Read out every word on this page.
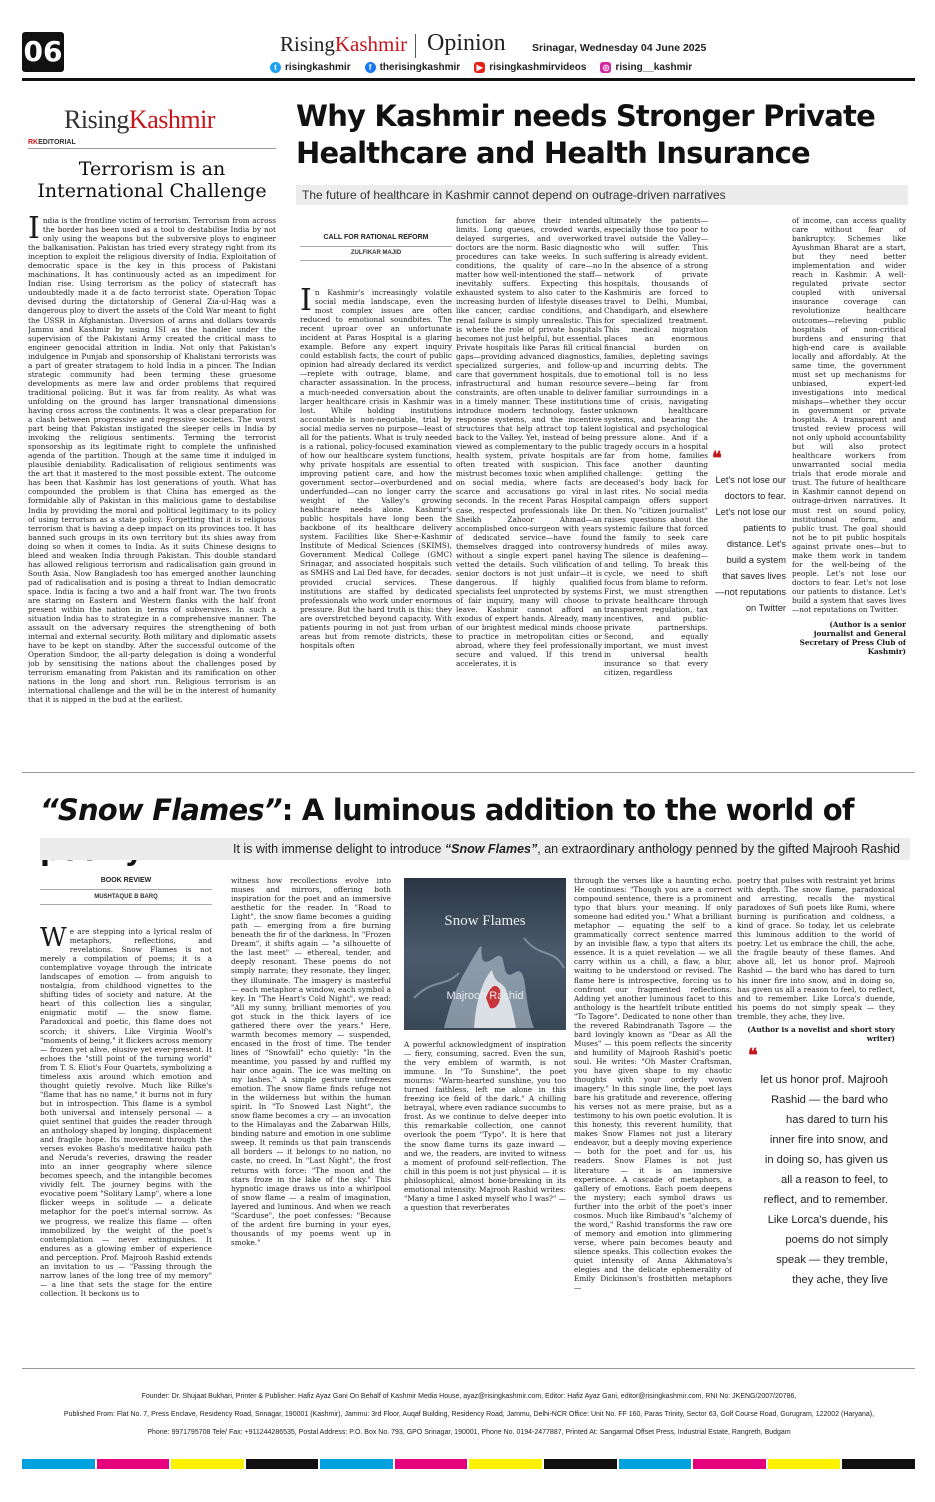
06	RisingKashmir Opinion	Srinagar, Wednesday 04 June 2025
t risingkashmir	f therisingkashmir	▶ risingkashmirvideos ◎ rising__kashmir
RisingKashmir
RKEDITORIAL
Terrorism is an International Challenge

India is the frontline victim of terrorism. Terrorism from across the border has been used as a tool to destabilise India by not only using the weapons but the subversive ploys to engineer the balkanisation. Pakistan has tried every strategy right from its inception to exploit the religious diversity of India. Exploitation of democratic space is the key in this process of Pakistani machinations. It has continuously acted as an impediment for Indian rise. Using terrorism as the policy of statecraft has undoubtedly made it a de facto terrorist state. Operation Topac devised during the dictatorship of General Zia-ul-Haq was a dangerous ploy to divert the assets of the Cold War meant to fight the USSR in Afghanistan. Diversion of arms and dollars towards Jammu and Kashmir by using ISI as the handler under the supervision of the Pakistani Army created the critical mass to engineer genocidal attrition in India. Not only that Pakistan's indulgence in Punjab and sponsorship of Khalistani terrorists was a part of greater stratagem to hold India in a pincer. The Indian strategic community had been terming these gruesome developments as mere law and order problems that required traditional policing. But it was far from reality. As what was unfolding on the ground has larger transnational dimensions having cross across the continents. It was a clear preparation for a clash between progressive and regressive societies. The worst part being that Pakistan instigated the sleeper cells in India by invoking the religious sentiments. Terming the terrorist sponsorship as its legitimate right to complete the unfinished agenda of the partition. Though at the same time it indulged in plausible deniability. Radicalisation of religious sentiments was the art that it mastered to the most possible extent. The outcome has been that Kashmir has lost generations of youth. What has compounded the problem is that China has emerged as the formidable ally of Pakistan in this malicious game to destabilise India by providing the moral and political legitimacy to its policy of using terrorism as a state policy. Forgetting that it is religious terrorism that is having a deep impact on its provinces too. It has banned such groups in its own territory but its shies away from doing so when it comes to India. As it suits Chinese designs to bleed and weaken India through Pakistan. This double standard has allowed religious terrorism and radicalisation gain ground in South Asia. Now Bangladesh too has emerged another launching pad of radicalisation and is posing a threat to Indian democratic space. India is facing a two and a half front war. The two fronts are staring on Eastern and Western flanks with the half front present within the nation in terms of subversives. In such a situation India has to strategize in a comprehensive manner. The assault on the adversary requires the strengthening of both internal and external security. Both military and diplomatic assets have to be kept on standby. After the successful outcome of the Operation Sindoor, the all-party delegation is doing a wonderful job by sensitising the nations about the challenges posed by terrorism emanating from Pakistan and its ramification on other nations in the long and short run. Religious terrorism is an international challenge and the will be in the interest of humanity that it is nipped in the bud at the earliest.

Why Kashmir needs Stronger Private Healthcare and Health Insurance
The future of healthcare in Kashmir cannot depend on outrage-driven narratives
CALL FOR RATIONAL REFORM
ZULFIKAR MAJID

In Kashmir's increasingly volatile social media landscape, even the most complex issues are often reduced to emotional soundbites. The recent uproar over an unfortunate incident at Paras Hospital is a glaring example. Before any expert inquiry could establish facts, the court of public opinion had already declared its verdict—replete with outrage, blame, and character assassination. In the process, a much-needed conversation about the larger healthcare crisis in Kashmir was lost. While holding institutions accountable is non-negotiable, trial by social media serves no purpose—least of all for the patients. What is truly needed is a rational, policy-focused examination of how our healthcare system functions, why private hospitals are essential to improving patient care, and how the government sector—overburdened and underfunded—can no longer carry the weight of the Valley's growing healthcare needs alone. Kashmir's public hospitals have long been the backbone of its healthcare delivery system. Facilities like Sher-e-Kashmir Institute of Medical Sciences (SKIMS), Government Medical College (GMC) Srinagar, and associated hospitals such as SMHS and Lal Ded have, for decades, provided crucial services. These institutions are staffed by dedicated professionals who work under enormous pressure. But the hard truth is this: they are overstretched beyond capacity. With patients pouring in not just from urban areas but from remote districts, these hospitals often

function far above their intended limits. Long queues, crowded wards, delayed surgeries, and overworked doctors are the norm. Basic diagnostic procedures can take weeks. In such conditions, the quality of care—no matter how well-intentioned the staff—inevitably suffers. Expecting this exhausted system to also cater to the increasing burden of lifestyle diseases like cancer, cardiac conditions, and renal failure is simply unrealistic. This is where the role of private hospitals becomes not just helpful, but essential. Private hospitals like Paras fill critical gaps—providing advanced diagnostics, specialized surgeries, and follow-up care that government hospitals, due to infrastructural and human resource constraints, are often unable to deliver in a timely manner. These institutions introduce modern technology, faster response systems, and the incentive structures that help attract top talent back to the Valley. Yet, instead of being viewed as complementary to the public health system, private hospitals are often treated with suspicion. This mistrust becomes toxic when amplified on social media, where facts are scarce and accusations go viral in seconds. In the recent Paras Hospital case, respected professionals like Dr. Sheikh Zahoor Ahmad—an accomplished onco-surgeon with years of dedicated service—have found themselves dragged into controversy without a single expert panel having vetted the details. Such vilification of senior doctors is not just unfair—it is dangerous. If highly qualified specialists feel unprotected by systems of fair inquiry, many will choose to leave. Kashmir cannot afford an exodus of expert hands. Already, many of our brightest medical minds choose to practice in metropolitan cities or abroad, where they feel professionally secure and valued. If this trend accelerates, it is

ultimately the patients—especially those too poor to travel outside the Valley—who will suffer. This suffering is already evident. In the absence of a strong network of private hospitals, thousands of Kashmiris are forced to travel to Delhi, Mumbai, Chandigarh, and elsewhere for specialized treatment. This medical migration places an enormous financial burden on families, depleting savings and incurring debts. The emotional toll is no less severe—being far from familiar surroundings in a time of crisis, navigating unknown healthcare systems, and bearing the logistical and psychological pressure alone. And if a tragedy occurs in a hospital far from home, families face another daunting challenge: getting the deceased's body back for last rites. No social media campaign offers support then. No "citizen journalist" raises questions about the systemic failure that forced the family to seek care hundreds of miles away. The silence is deafening—and telling. To break this cycle, we need to shift focus from blame to reform. First, we must strengthen private healthcare through transparent regulation, tax incentives, and public-private partnerships. Second, and equally important, we must invest in universal health insurance so that every citizen, regardless

❝
Let's not lose our doctors to fear. Let's not lose our patients to distance. Let's build a system that saves lives—not reputations on Twitter
of income, can access quality care without fear of bankruptcy. Schemes like Ayushman Bharat are a start, but they need better implementation and wider reach in Kashmir. A well-regulated private sector coupled with universal insurance coverage can revolutionize healthcare outcomes—relieving public hospitals of non-critical burdens and ensuring that high-end care is available locally and affordably. At the same time, the government must set up mechanisms for unbiased, expert-led investigations into medical mishaps—whether they occur in government or private hospitals. A transparent and trusted review process will not only uphold accountability but will also protect healthcare workers from unwarranted social media trials that erode morale and trust. The future of healthcare in Kashmir cannot depend on outrage-driven narratives. It must rest on sound policy, institutional reform, and public trust. The goal should not be to pit public hospitals against private ones—but to make them work in tandem for the well-being of the people. Let's not lose our doctors to fear. Let's not lose our patients to distance. Let's build a system that saves lives—not reputations on Twitter.
(Author is a senior journalist and General Secretary of Press Club of Kashmir)
“Snow Flames”: A luminous addition to the world of
It is with immense delight to introduce “Snow Flames”, an extraordinary anthology penned by the gifted Majrooh Rashid
BOOK REVIEW
MUSHTAQUE B BARQ

We are stepping into a lyrical realm of metaphors, reflections, and revelations. Snow Flames is not merely a compilation of poems; it is a contemplative voyage through the intricate landscapes of emotion — from anguish to nostalgia, from childhood vignettes to the shifting tides of society and nature. At the heart of this collection lies a singular, enigmatic motif — the snow flame. Paradoxical and poetic, this flame does not scorch; it shivers. Like Virginia Woolf's "moments of being," it flickers across memory — frozen yet alive, elusive yet ever-present. It echoes the "still point of the turning world" from T. S. Eliot's Four Quartets, symbolizing a timeless axis around which emotion and thought quietly revolve. Much like Rilke's "flame that has no name," it burns not in fury but in introspection. This flame is a symbol both universal and intensely personal — a quiet sentinel that guides the reader through an anthology shaped by longing, displacement and fragile hope. Its movement through the verses evokes Basho's meditative haiku path and Neruda's reveries, drawing the reader into an inner geography where silence becomes speech, and the intangible becomes vividly felt. The journey begins with the evocative poem "Solitary Lamp", where a lone flicker weeps in solitude — a delicate metaphor for the poet's internal sorrow. As we progress, we realize this flame — often immobilized by the weight of the poet's contemplation — never extinguishes. It endures as a glowing ember of experience and perception. Prof. Majrooh Rashid extends an invitation to us — "Passing through the narrow lanes of the long tree of my memory" — a line that sets the stage for the entire collection. It beckons us to

witness how recollections evolve into muses and mirrors, offering both inspiration for the poet and an immersive aesthetic for the reader. In "Road to Light", the snow flame becomes a guiding path — emerging from a fire burning beneath the fir of the darkness. In "Frozen Dream", it shifts again — "a silhouette of the last meet" — ethereal, tender, and deeply resonant. These poems do not simply narrate; they resonate, they linger, they illuminate. The imagery is masterful — each metaphor a window, each symbol a key. In "The Heart's Cold Night", we read: "All my sunny, brilliant memories of you got stuck in the thick layers of ice gathered there over the years." Here, warmth becomes memory — suspended, encased in the frost of time. The tender lines of "Snowfall" echo quietly: "In the meantime, you passed by and ruffled my hair once again. The ice was melting on my lashes." A simple gesture unfreezes emotion. The snow flame finds refuge not in the wilderness but within the human spirit. In "To Snowed Last Night", the snow flame becomes a cry — an invocation to the Himalayas and the Zabarwan Hills, binding nature and emotion in one sublime sweep. It reminds us that pain transcends all borders — it belongs to no nation, no caste, no creed. In "Last Night", the frost returns with force: "The moon and the stars froze in the lake of the sky." This hypnotic image draws us into a whirlpool of snow flame — a realm of imagination, layered and luminous. And when we reach "Scarduse", the poet confesses: "Because of the ardent fire burning in your eyes, thousands of my poems went up in smoke."

Snow Flames
Majrooh Rashid

A powerful acknowledgment of inspiration — fiery, consuming, sacred. Even the sun, the very emblem of warmth, is not immune. In "To Sunshine", the poet mourns: "Warm-hearted sunshine, you too turned faithless, left me alone in this freezing ice field of the dark." A chilling betrayal, where even radiance succumbs to frost. As we continue to delve deeper into this remarkable collection, one cannot overlook the poem "Typo". It is here that the snow flame turns its gaze inward — and we, the readers, are invited to witness a moment of profound self-reflection. The chill in this poem is not just physical — it is philosophical, almost bone-breaking in its emotional intensity. Majrooh Rashid writes: "Many a time I asked myself who I was?" — a question that reverberates

through the verses like a haunting echo. He continues: "Though you are a correct compound sentence, there is a prominent typo that blurs your meaning. If only someone had edited you." What a brilliant metaphor — equating the self to a grammatically correct sentence marred by an invisible flaw, a typo that alters its essence. It is a quiet revelation — we all carry within us a chill, a flaw, a blur, waiting to be understood or revised. The flame here is introspective, forcing us to confront our fragmented reflections. Adding yet another luminous facet to this anthology is the heartfelt tribute entitled "To Tagore". Dedicated to none other than the revered Rabindranath Tagore — the bard lovingly known as "Dear as All the Muses" — this poem reflects the sincerity and humility of Majrooh Rashid's poetic soul. He writes: "Oh Master Craftsman, you have given shape to my chaotic thoughts with your orderly woven imagery." In this single line, the poet lays bare his gratitude and reverence, offering his verses not as mere praise, but as a testimony to his own poetic evolution. It is this honesty, this reverent humility, that makes Snow Flames not just a literary endeavor, but a deeply moving experience — both for the poet and for us, his readers. Snow Flames is not just literature — it is an immersive experience. A cascade of metaphors, a gallery of emotions. Each poem deepens the mystery; each symbol draws us further into the orbit of the poet's inner cosmos. Much like Rimbaud's "alchemy of the word," Rashid transforms the raw ore of memory and emotion into glimmering verse, where pain becomes beauty and silence speaks. This collection evokes the quiet intensity of Anna Akhmatova's elegies and the delicate ephemerality of Emily Dickinson's frostbitten metaphors —

poetry that pulses with restraint yet brims with depth. The snow flame, paradoxical and arresting, recalls the mystical paradoxes of Sufi poets like Rumi, where burning is purification and coldness, a kind of grace. So today, let us celebrate this luminous addition to the world of poetry. Let us embrace the chill, the ache, the fragile beauty of these flames. And above all, let us honor prof. Majrooh Rashid — the bard who has dared to turn his inner fire into snow, and in doing so, has given us all a reason to feel, to reflect, and to remember. Like Lorca's duende, his poems do not simply speak — they tremble, they ache, they live.
(Author is a novelist and short story writer)
❝
let us honor prof. Majrooh Rashid — the bard who has dared to turn his inner fire into snow, and in doing so, has given us all a reason to feel, to reflect, and to remember. Like Lorca's duende, his poems do not simply speak — they tremble, they ache, they live
Founder: Dr. Shujaat Bukhari, Printer & Publisher: Hafiz Ayaz Gani On Behalf of Kashmir Media House, ayaz@risingkashmir.com, Editor: Hafiz Ayaz Gani, editor@risingkashmir.com, RNI No: JKENG/2007/20786,
Published From: Flat No. 7, Press Enclave, Residency Road, Srinagar, 190001 (Kashmir), Jammu: 3rd Floor, Auqaf Building, Residency Road, Jammu, Delhi-NCR Office: Unit No. FF 160, Paras Trinity, Sector 63, Golf Course Road, Gurugram, 122002 (Haryana),
Phone: 9971795708 Tele/ Fax: +911244286535, Postal Address: P.O. Box No. 793, GPO Srinagar, 190001, Phone No. 0194-2477887, Printed At: Sangarmal Offset Press, Industrial Estate, Rangreth, Budgam
